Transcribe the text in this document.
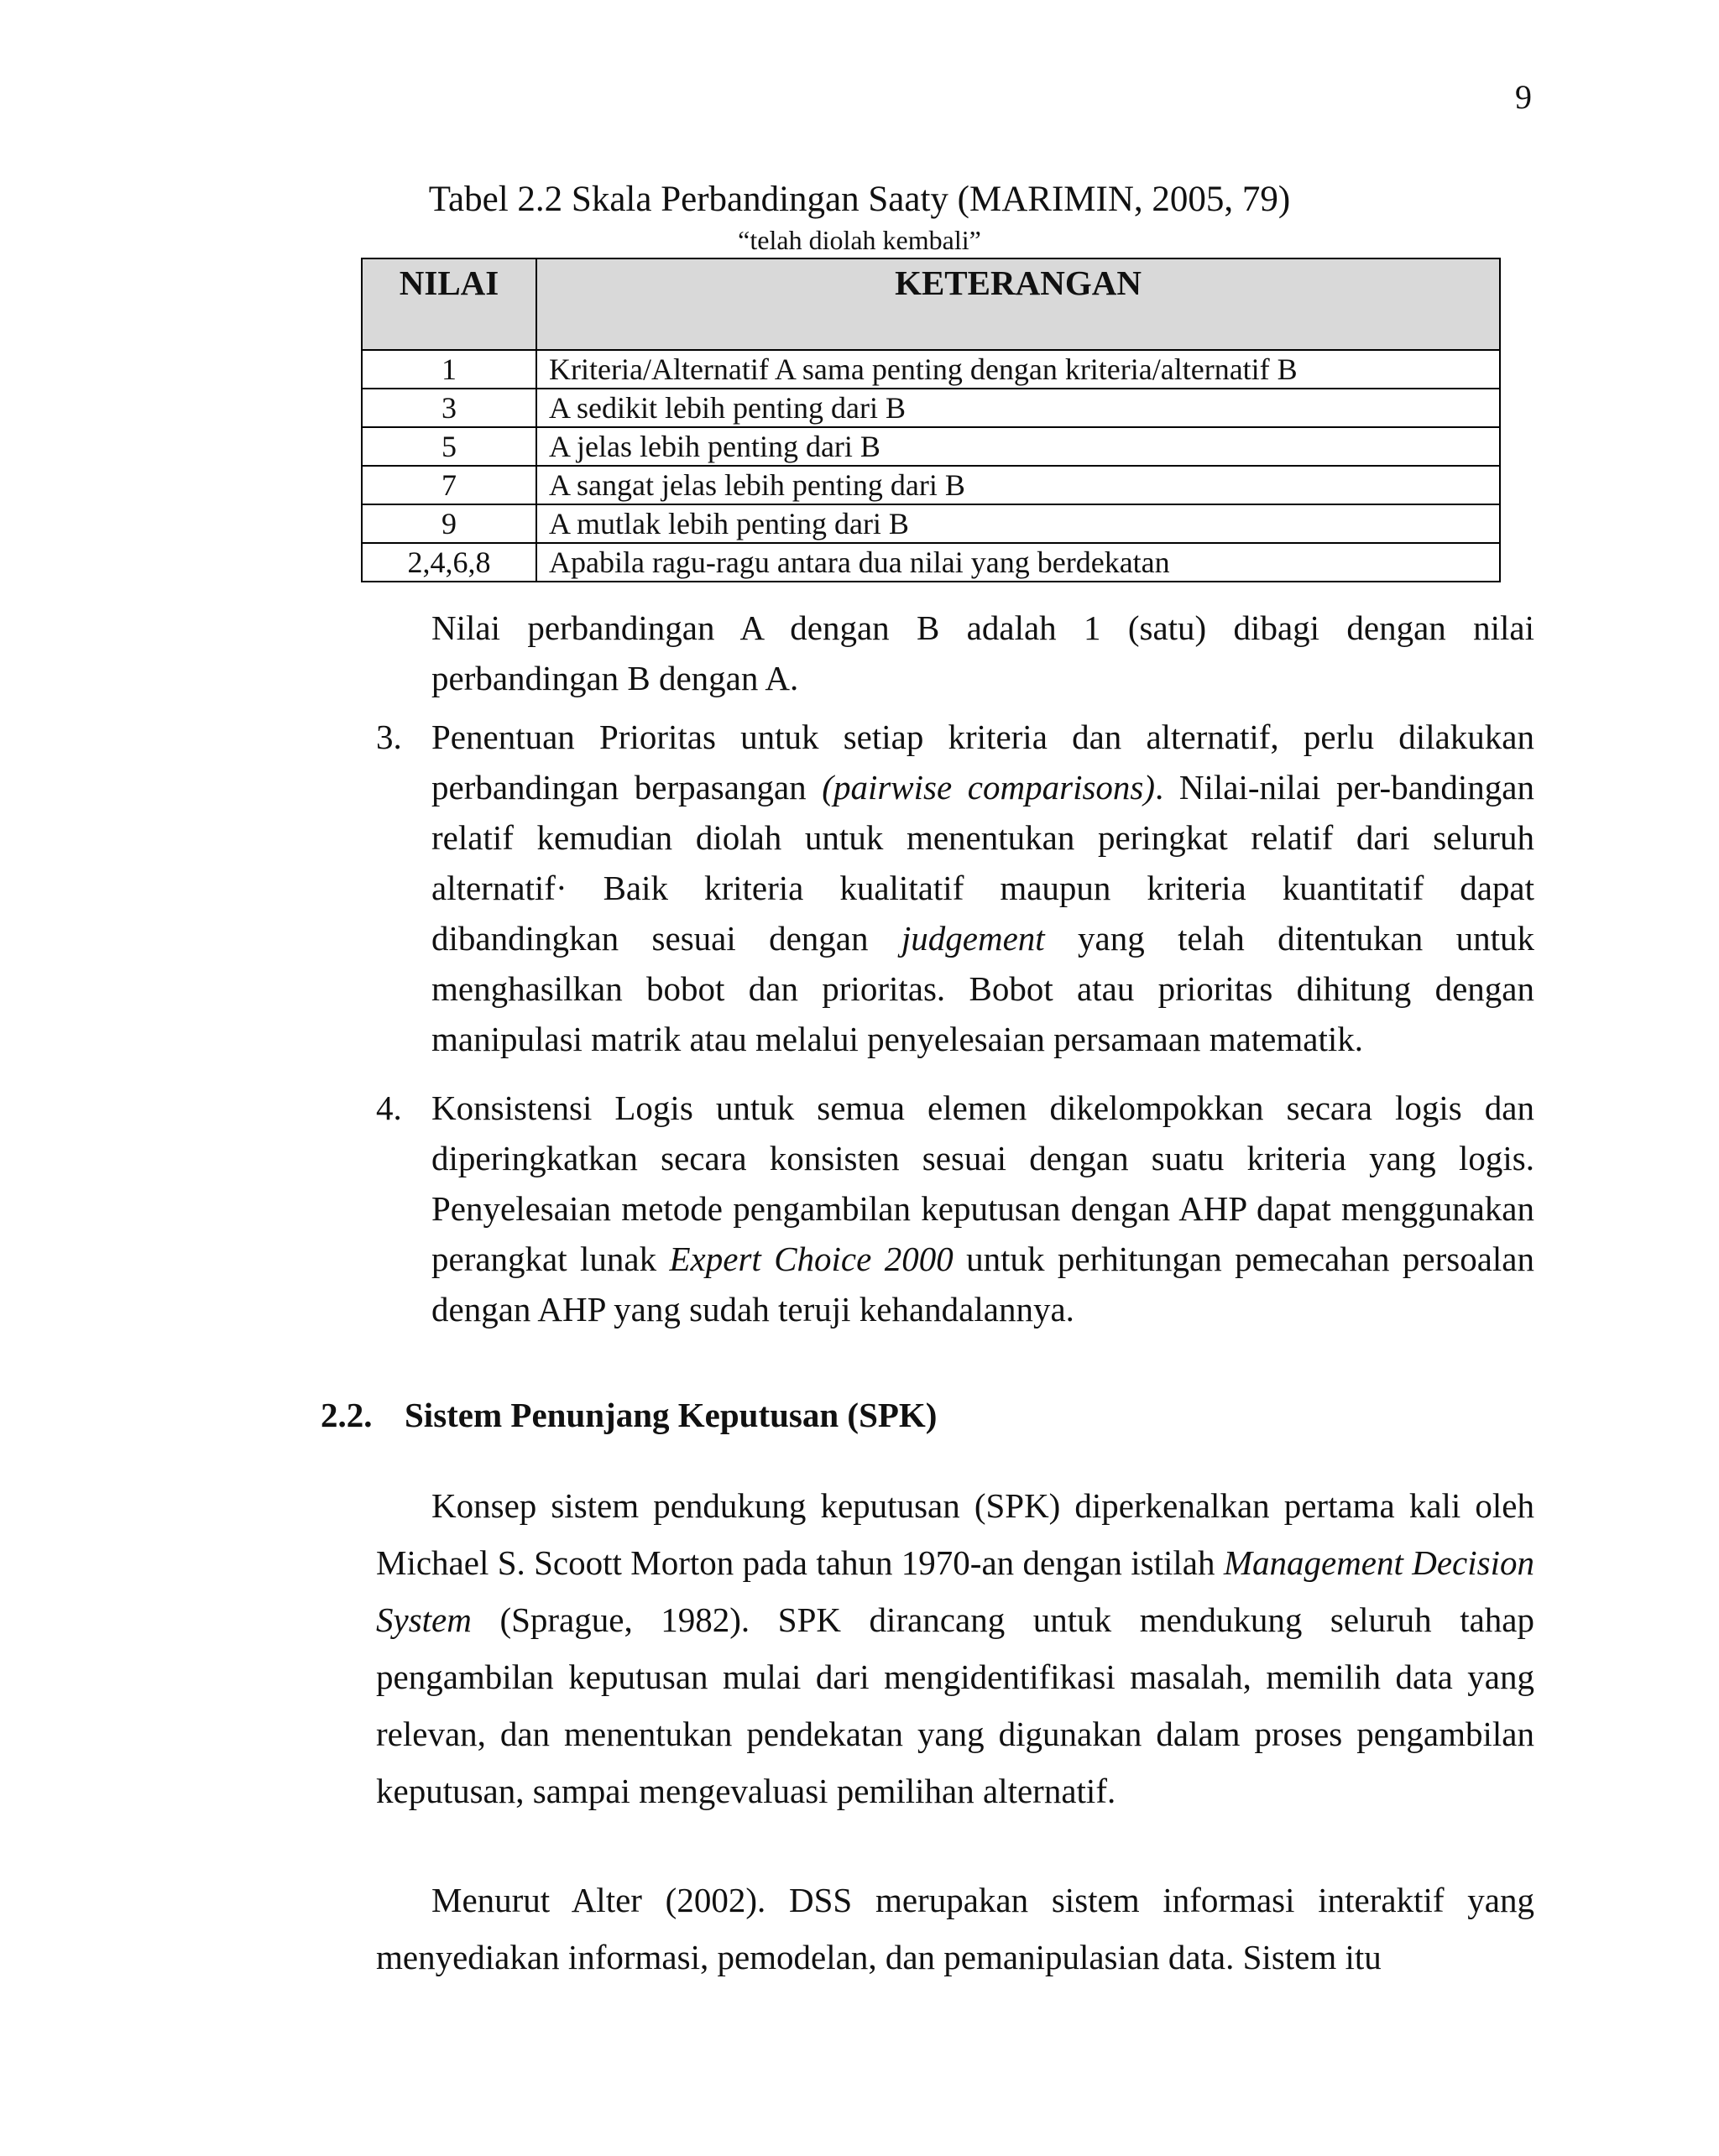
9
Tabel 2.2 Skala Perbandingan Saaty (MARIMIN, 2005, 79)
“telah diolah kembali”
NILAI	KETERANGAN
1	Kriteria/Alternatif A sama penting dengan kriteria/alternatif B
3	A sedikit lebih penting dari B
5	A jelas lebih penting dari B
7	A sangat jelas lebih penting dari B
9	A mutlak lebih penting dari B
2,4,6,8	Apabila ragu-ragu antara dua nilai yang berdekatan

Nilai perbandingan A dengan B adalah 1 (satu) dibagi dengan nilai perbandingan B dengan A.

3. Penentuan Prioritas untuk setiap kriteria dan alternatif, perlu dilakukan perbandingan berpasangan (pairwise comparisons). Nilai-nilai per-bandingan relatif kemudian diolah untuk menentukan peringkat relatif dari seluruh alternatif· Baik kriteria kualitatif maupun kriteria kuantitatif dapat dibandingkan sesuai dengan judgement yang telah ditentukan untuk menghasilkan bobot dan prioritas. Bobot atau prioritas dihitung dengan manipulasi matrik atau melalui penyelesaian persamaan matematik.
4. Konsistensi Logis untuk semua elemen dikelompokkan secara logis dan diperingkatkan secara konsisten sesuai dengan suatu kriteria yang logis. Penyelesaian metode pengambilan keputusan dengan AHP dapat menggunakan perangkat lunak Expert Choice 2000 untuk perhitungan pemecahan persoalan dengan AHP yang sudah teruji kehandalannya.
2.2. Sistem Penunjang Keputusan (SPK)

Konsep sistem pendukung keputusan (SPK) diperkenalkan pertama kali oleh Michael S. Scoott Morton pada tahun 1970-an dengan istilah Management Decision System (Sprague, 1982). SPK dirancang untuk mendukung seluruh tahap pengambilan keputusan mulai dari mengidentifikasi masalah, memilih data yang relevan, dan menentukan pendekatan yang digunakan dalam proses pengambilan keputusan, sampai mengevaluasi pemilihan alternatif.

Menurut Alter (2002). DSS merupakan sistem informasi interaktif yang menyediakan informasi, pemodelan, dan pemanipulasian data. Sistem itu
